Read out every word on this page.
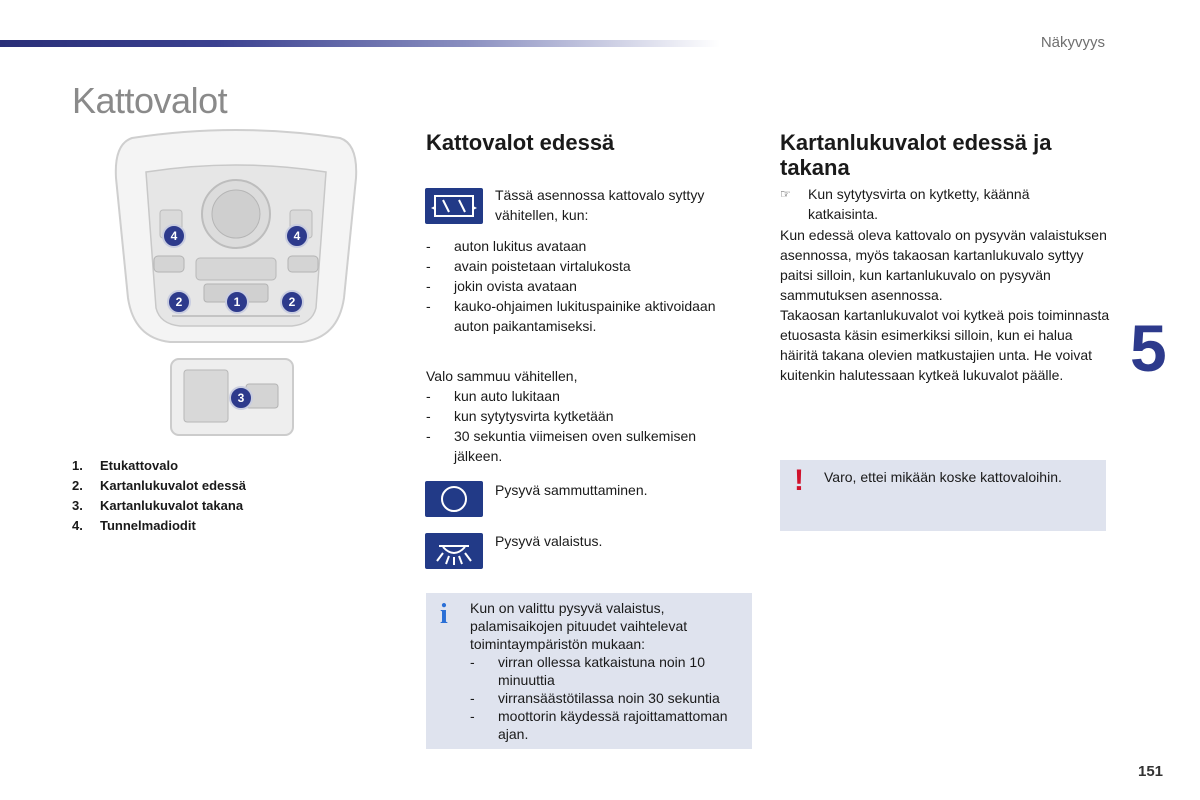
Näkyvyys
Kattovalot
5
151
4	4
2	1	2
3
1. Etukattovalo
2. Kartanlukuvalot edessä
3. Kartanlukuvalot takana
4. Tunnelmadiodit
Kattovalot edessä
Tässä asennossa kattovalo syttyy vähitellen, kun:
- auton lukitus avataan
- avain poistetaan virtalukosta
- jokin ovista avataan
- kauko-ohjaimen lukituspainike aktivoidaan auton paikantamiseksi.
Valo sammuu vähitellen,
- kun auto lukitaan
- kun sytytysvirta kytketään
- 30 sekuntia viimeisen oven sulkemisen jälkeen.
Pysyvä sammuttaminen.
Pysyvä valaistus.
i Kun on valittu pysyvä valaistus, palamisaikojen pituudet vaihtelevat toimintaympäristön mukaan:
- virran ollessa katkaistuna noin 10 minuuttia
- virransäästötilassa noin 30 sekuntia
- moottorin käydessä rajoittamattoman ajan.
Kartanlukuvalot edessä ja takana
☞	Kun sytytysvirta on kytketty, käännä katkaisinta.
Kun edessä oleva kattovalo on pysyvän valaistuksen asennossa, myös takaosan kartanlukuvalo syttyy paitsi silloin, kun kartanlukuvalo on pysyvän sammutuksen asennossa.
Takaosan kartanlukuvalot voi kytkeä pois toiminnasta etuosasta käsin esimerkiksi silloin, kun ei halua häiritä takana olevien matkustajien unta. He voivat kuitenkin halutessaan kytkeä lukuvalot päälle.
! Varo, ettei mikään koske kattovaloihin.
